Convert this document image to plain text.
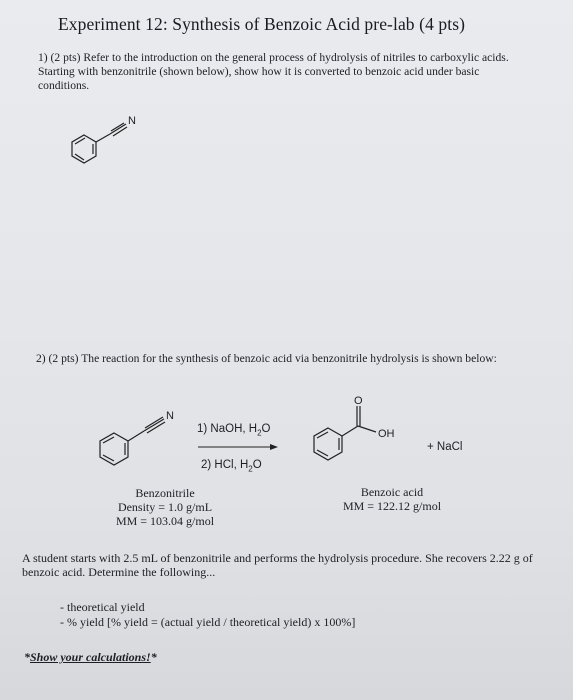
Experiment 12: Synthesis of Benzoic Acid pre-lab (4 pts)
1) (2 pts) Refer to the introduction on the general process of hydrolysis of nitriles to carboxylic acids. Starting with benzonitrile (shown below), show how it is converted to benzoic acid under basic conditions.
N
2) (2 pts) The reaction for the synthesis of benzoic acid via benzonitrile hydrolysis is shown below:
N
1) NaOH, $H_2O$
2) HCl, $H_2O$
O
OH
+ NaCl
Benzonitrile
Density = 1.0 g/mL
MM = 103.04 g/mol
Benzoic acid
MM = 122.12 g/mol
A student starts with 2.5 mL of benzonitrile and performs the hydrolysis procedure. She recovers 2.22 g of benzoic acid. Determine the following...
- theoretical yield
- % yield [% yield = (actual yield / theoretical yield) x 100%]
*Show your calculations!*
